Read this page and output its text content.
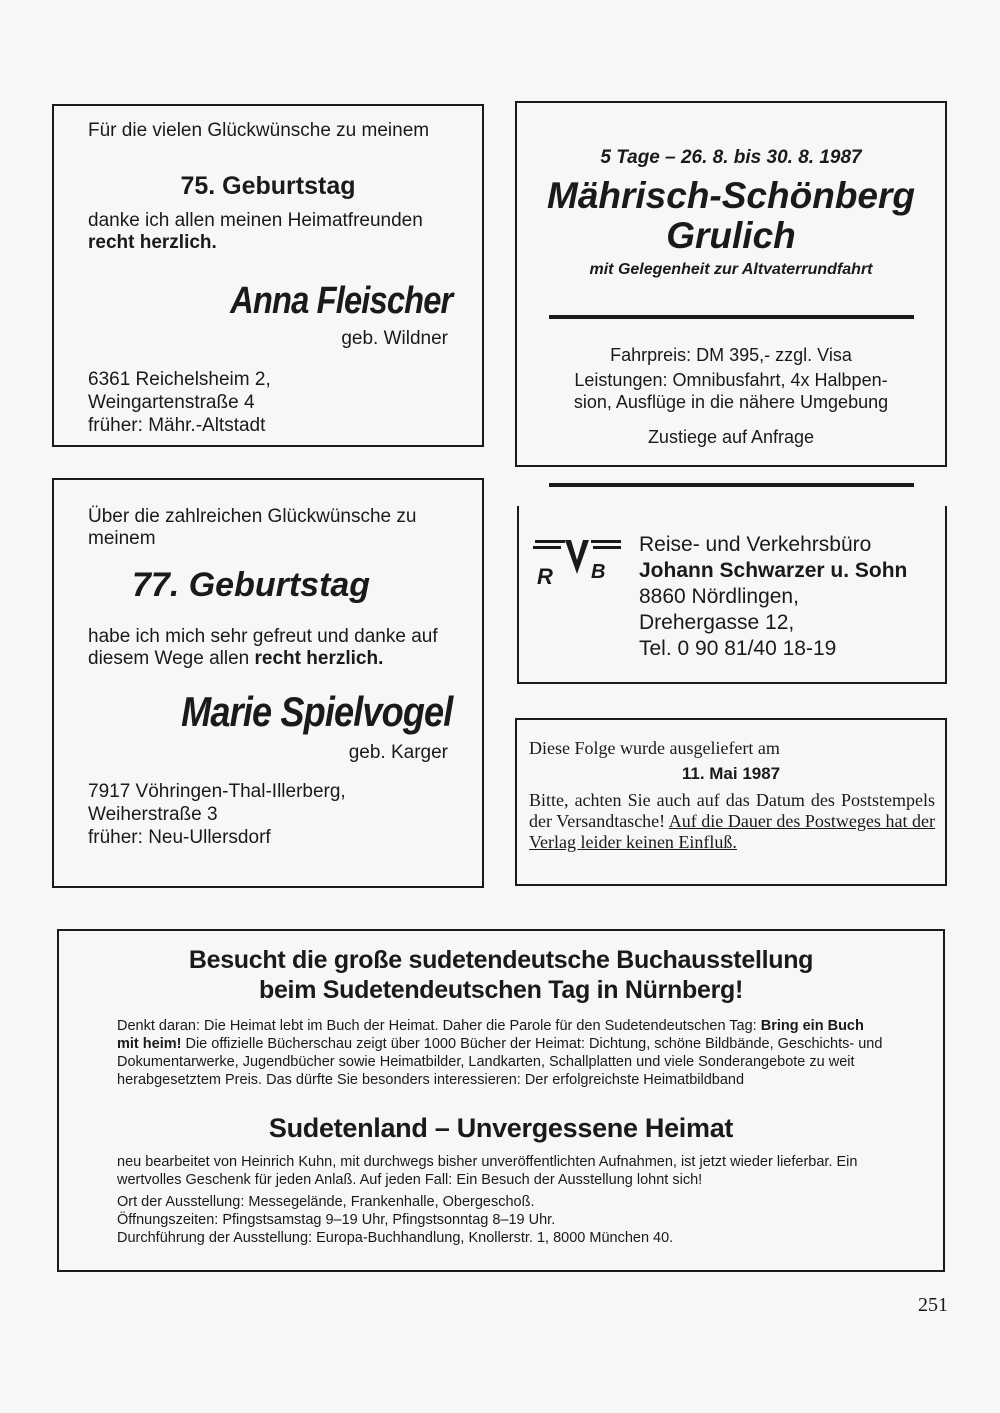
Für die vielen Glückwünsche zu meinem

75. Geburtstag

danke ich allen meinen Heimatfreunden recht herzlich.

Anna Fleischer

geb. Wildner

6361 Reichelsheim 2,
Weingartenstraße 4
früher: Mähr.-Altstadt

5 Tage – 26. 8. bis 30. 8. 1987

Mährisch-Schönberg

Grulich

mit Gelegenheit zur Altvaterrundfahrt

Fahrpreis: DM 395,- zzgl. Visa

Leistungen: Omnibusfahrt, 4x Halbpen-
sion, Ausflüge in die nähere Umgebung

Zustiege auf Anfrage

Über die zahlreichen Glückwünsche zu meinem

77. Geburtstag

habe ich mich sehr gefreut und danke auf diesem Wege allen recht herzlich.

Marie Spielvogel

geb. Karger

7917 Vöhringen-Thal-Illerberg,
Weiherstraße 3
früher: Neu-Ullersdorf
R B
Reise- und Verkehrsbüro
Johann Schwarzer u. Sohn
8860 Nördlingen,
Drehergasse 12,
Tel. 0 90 81/40 18-19

Diese Folge wurde ausgeliefert am

11. Mai 1987

Bitte, achten Sie auch auf das Datum des Poststempels der Versandtasche! Auf die Dauer des Postweges hat der Verlag leider keinen Einfluß.

Besucht die große sudetendeutsche Buchausstellung
beim Sudetendeutschen Tag in Nürnberg!

Denkt daran: Die Heimat lebt im Buch der Heimat. Daher die Parole für den Sudetendeutschen Tag: Bring ein Buch mit heim! Die offizielle Bücherschau zeigt über 1000 Bücher der Heimat: Dichtung, schöne Bildbände, Geschichts- und Dokumentarwerke, Jugendbücher sowie Heimatbilder, Landkarten, Schallplatten und viele Sonderangebote zu weit herabgesetztem Preis. Das dürfte Sie besonders interessieren: Der erfolgreichste Heimatbildband

Sudetenland – Unvergessene Heimat

neu bearbeitet von Heinrich Kuhn, mit durchwegs bisher unveröffentlichten Aufnahmen, ist jetzt wieder lieferbar. Ein wertvolles Geschenk für jeden Anlaß. Auf jeden Fall: Ein Besuch der Ausstellung lohnt sich!

Ort der Ausstellung: Messegelände, Frankenhalle, Obergeschoß.
Öffnungszeiten: Pfingstsamstag 9–19 Uhr, Pfingstsonntag 8–19 Uhr.
Durchführung der Ausstellung: Europa-Buchhandlung, Knollerstr. 1, 8000 München 40.
251
